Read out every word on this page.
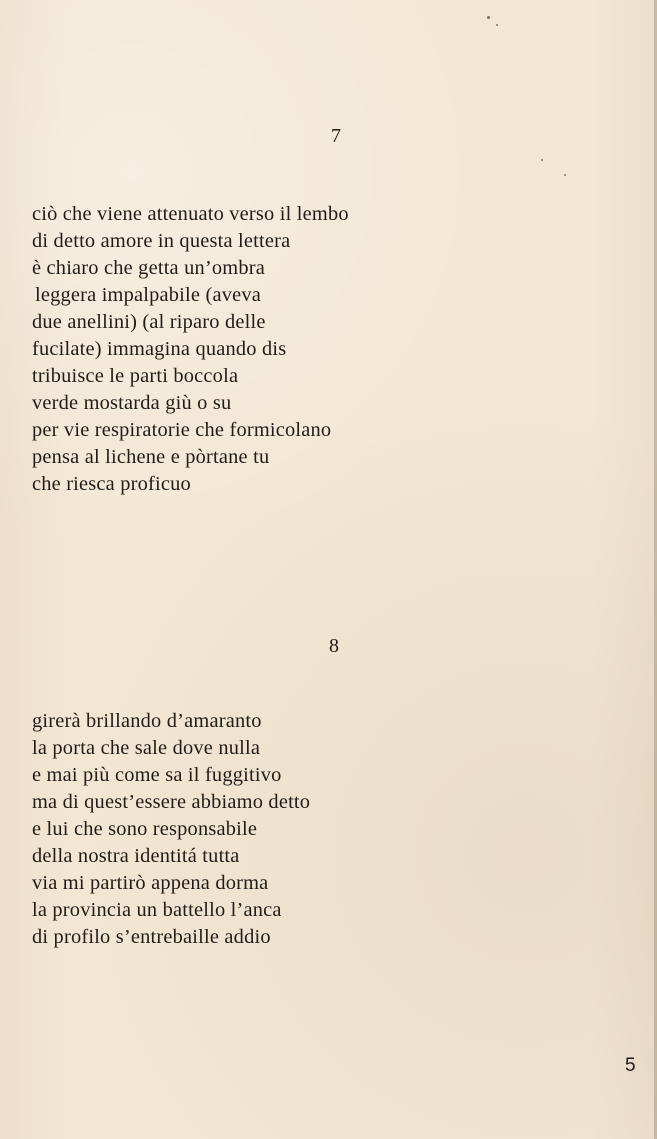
7
ciò che viene attenuato verso il lembo
di detto amore in questa lettera
è chiaro che getta un’ombra
leggera impalpabile (aveva
due anellini) (al riparo delle
fucilate) immagina quando dis
tribuisce le parti boccola
verde mostarda giù o su
per vie respiratorie che formicolano
pensa al lichene e pòrtane tu
che riesca proficuo
8
girerà brillando d’amaranto
la porta che sale dove nulla
e mai più come sa il fuggitivo
ma di quest’essere abbiamo detto
e lui che sono responsabile
della nostra identitá tutta
via mi partirò appena dorma
la provincia un battello l’anca
di profilo s’entrebaille addio
5
